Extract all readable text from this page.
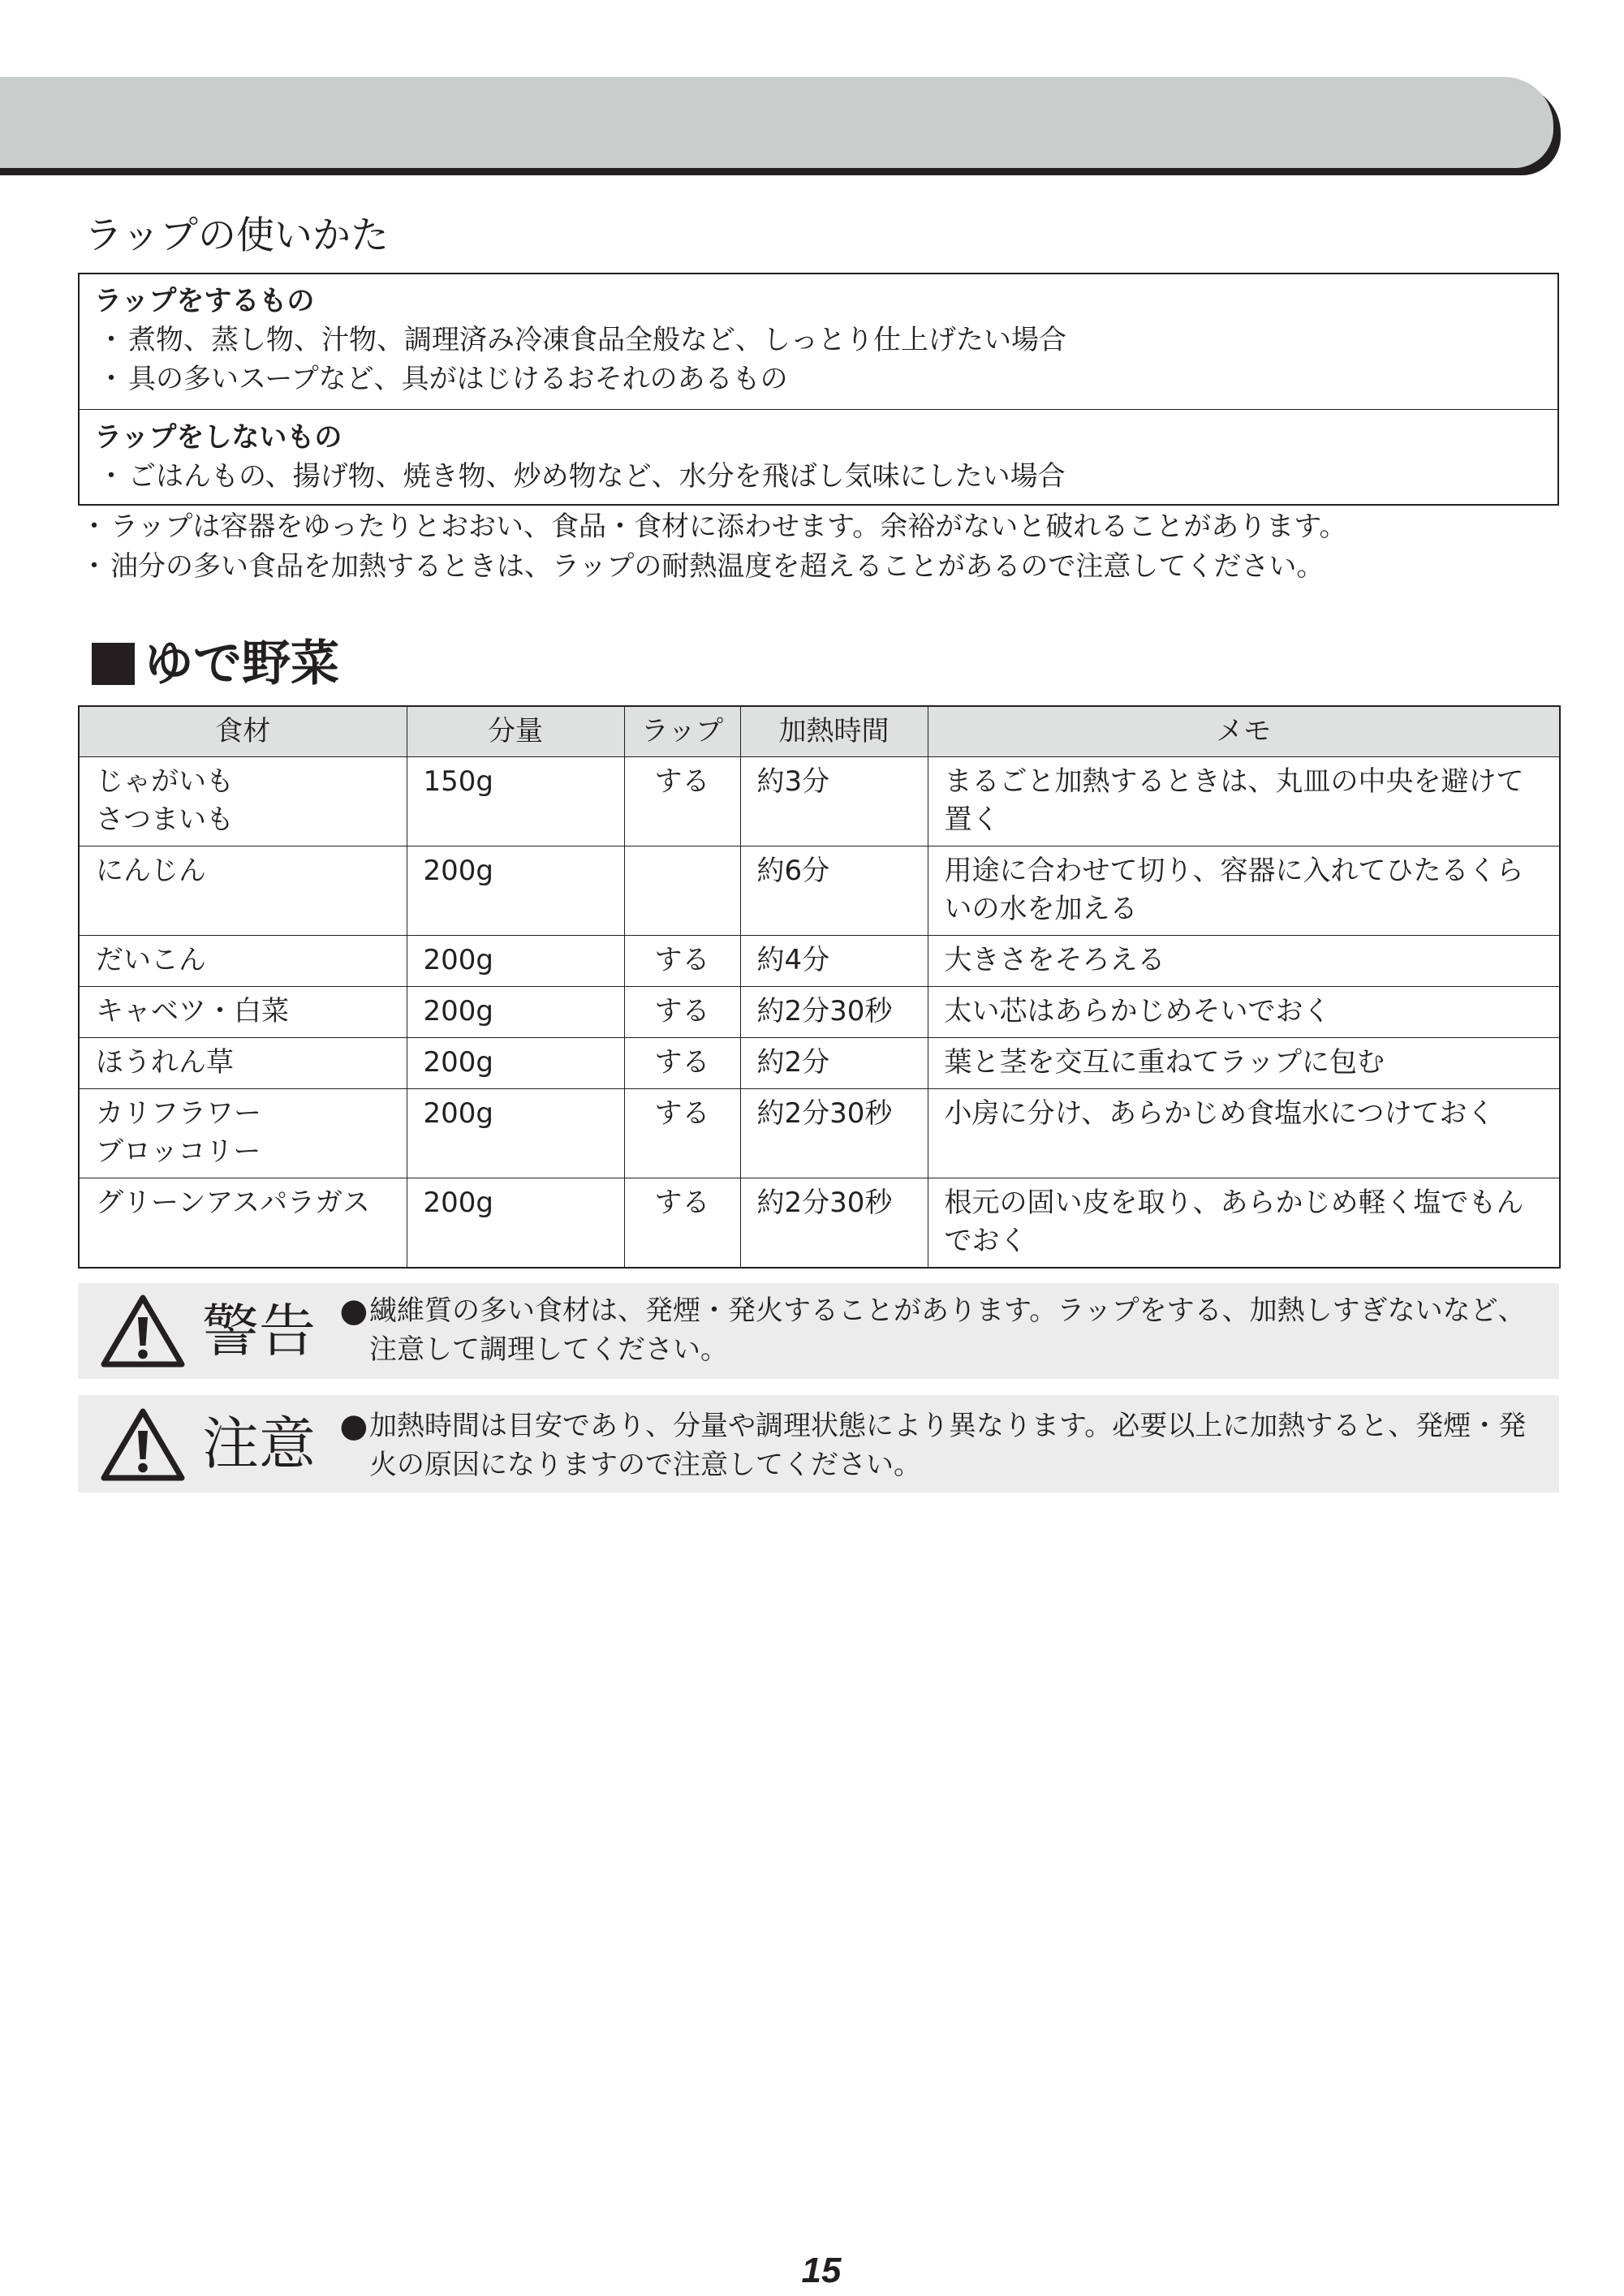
ラップの使いかた
ラップをするもの
・ 煮物、蒸し物、汁物、調理済み冷凍食品全般など、しっとり仕上げたい場合
・ 具の多いスープなど、具がはじけるおそれのあるもの
ラップをしないもの
・ ごはんもの、揚げ物、焼き物、炒め物など、水分を飛ばし気味にしたい場合
・ ラップは容器をゆったりとおおい、食品・食材に添わせます。余裕がないと破れることがあります。
・ 油分の多い食品を加熱するときは、ラップの耐熱温度を超えることがあるので注意してください。
ゆで野菜
食材	分量	ラップ	加熱時間	メモ

じゃがいも
さつまいも	150g	する	約3分	まるごと加熱するときは、丸皿の中央を避けて置く

にんじん	200g		約6分	用途に合わせて切り、容器に入れてひたるくらいの水を加える

だいこん	200g	する	約4分	大きさをそろえる

キャベツ・白菜	200g	する	約2分30秒	太い芯はあらかじめそいでおく

ほうれん草	200g	する	約2分	葉と茎を交互に重ねてラップに包む

カリフラワー
ブロッコリー	200g	する	約2分30秒	小房に分け、あらかじめ食塩水につけておく

グリーンアスパラガス	200g	する	約2分30秒	根元の固い皮を取り、あらかじめ軽く塩でもんでおく
警告 ● 繊維質の多い食材は、発煙・発火することがあります。ラップをする、加熱しすぎないなど、注意して調理してください。
注意 ● 加熱時間は目安であり、分量や調理状態により異なります。必要以上に加熱すると、発煙・発火の原因になりますので注意してください。
15
